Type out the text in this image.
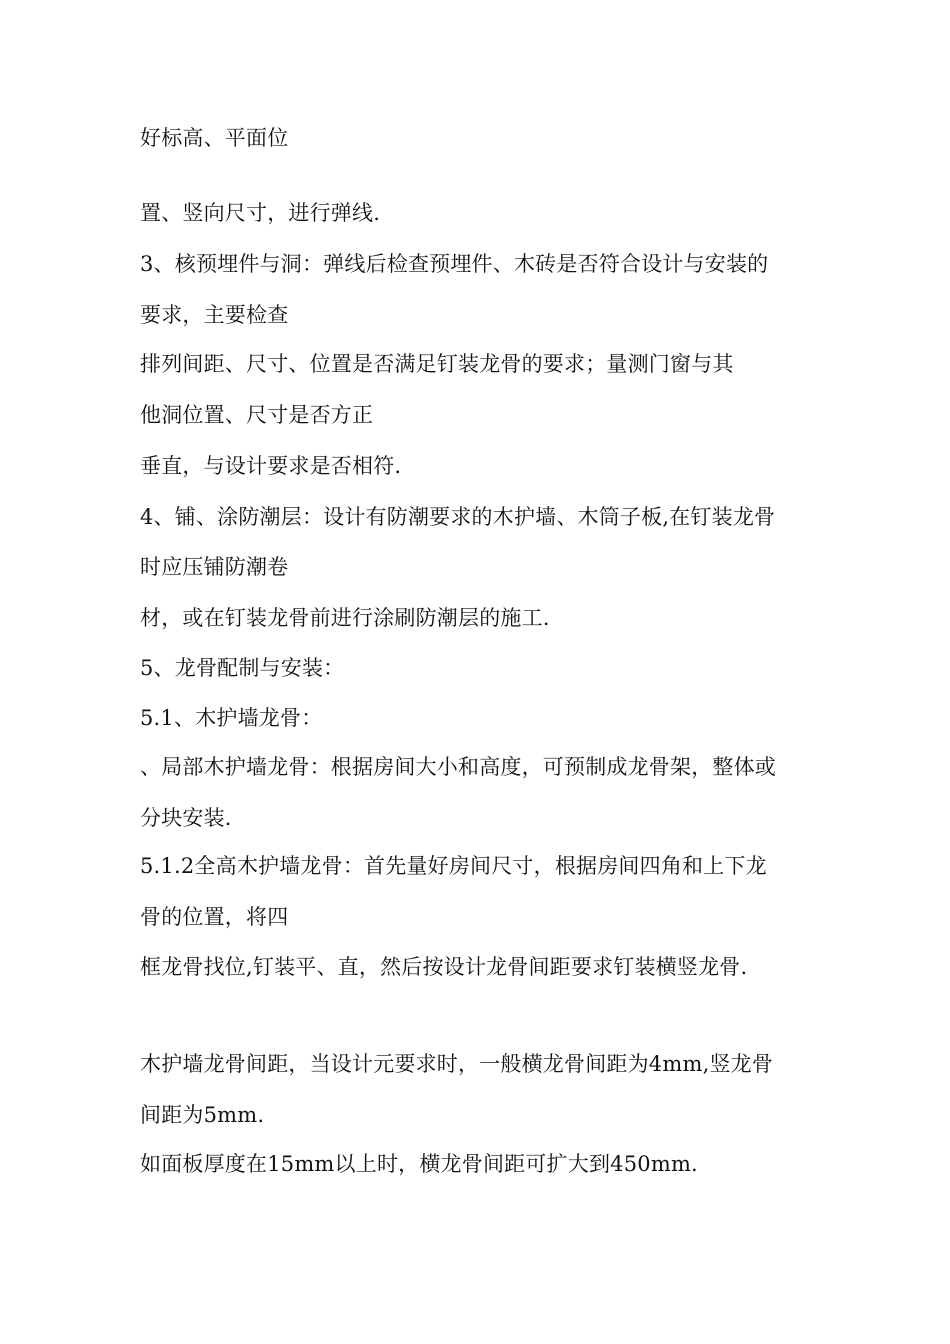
好标高、平面位
置、竖向尺寸，进行弹线.
3、核预埋件与洞：弹线后检查预埋件、木砖是否符合设计与安装的
要求，主要检查
排列间距、尺寸、位置是否满足钉装龙骨的要求；量测门窗与其
他洞位置、尺寸是否方正
垂直，与设计要求是否相符.
4、铺、涂防潮层：设计有防潮要求的木护墙、木筒子板,在钉装龙骨
时应压铺防潮卷
材，或在钉装龙骨前进行涂刷防潮层的施工.
5、龙骨配制与安装：
5.1、木护墙龙骨：
、局部木护墙龙骨：根据房间大小和高度，可预制成龙骨架，整体或
分块安装.
5.1.2全高木护墙龙骨：首先量好房间尺寸，根据房间四角和上下龙
骨的位置，将四
框龙骨找位,钉装平、直，然后按设计龙骨间距要求钉装横竖龙骨.
木护墙龙骨间距，当设计元要求时，一般横龙骨间距为4mm,竖龙骨
间距为5mm.
如面板厚度在15mm以上时，横龙骨间距可扩大到450mm.
